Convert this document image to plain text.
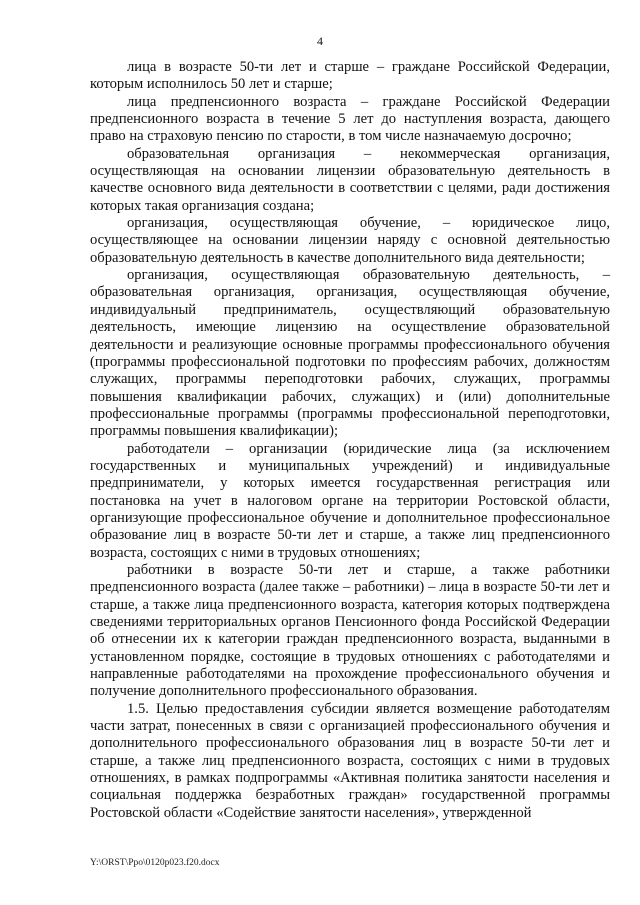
4

лица в возрасте 50-ти лет и старше – граждане Российской Федерации, которым исполнилось 50 лет и старше;

лица предпенсионного возраста – граждане Российской Федерации предпенсионного возраста в течение 5 лет до наступления возраста, дающего право на страховую пенсию по старости, в том числе назначаемую досрочно;

образовательная организация – некоммерческая организация, осуществляющая на основании лицензии образовательную деятельность в качестве основного вида деятельности в соответствии с целями, ради достижения которых такая организация создана;

организация, осуществляющая обучение, – юридическое лицо, осуществляющее на основании лицензии наряду с основной деятельностью образовательную деятельность в качестве дополнительного вида деятельности;

организация, осуществляющая образовательную деятельность, – образовательная организация, организация, осуществляющая обучение, индивидуальный предприниматель, осуществляющий образовательную деятельность, имеющие лицензию на осуществление образовательной деятельности и реализующие основные программы профессионального обучения (программы профессиональной подготовки по профессиям рабочих, должностям служащих, программы переподготовки рабочих, служащих, программы повышения квалификации рабочих, служащих) и (или) дополнительные профессиональные программы (программы профессиональной переподготовки, программы повышения квалификации);

работодатели – организации (юридические лица (за исключением государственных и муниципальных учреждений) и индивидуальные предприниматели, у которых имеется государственная регистрация или постановка на учет в налоговом органе на территории Ростовской области, организующие профессиональное обучение и дополнительное профессиональное образование лиц в возрасте 50-ти лет и старше, а также лиц предпенсионного возраста, состоящих с ними в трудовых отношениях;

работники в возрасте 50-ти лет и старше, а также работники предпенсионного возраста (далее также – работники) – лица в возрасте 50-ти лет и старше, а также лица предпенсионного возраста, категория которых подтверждена сведениями территориальных органов Пенсионного фонда Российской Федерации об отнесении их к категории граждан предпенсионного возраста, выданными в установленном порядке, состоящие в трудовых отношениях с работодателями и направленные работодателями на прохождение профессионального обучения и получение дополнительного профессионального образования.

1.5. Целью предоставления субсидии является возмещение работодателям части затрат, понесенных в связи с организацией профессионального обучения и дополнительного профессионального образования лиц в возрасте 50-ти лет и старше, а также лиц предпенсионного возраста, состоящих с ними в трудовых отношениях, в рамках подпрограммы «Активная политика занятости населения и социальная поддержка безработных граждан» государственной программы Ростовской области «Содействие занятости населения», утвержденной

Y:\ORST\Ppo\0120p023.f20.docx
